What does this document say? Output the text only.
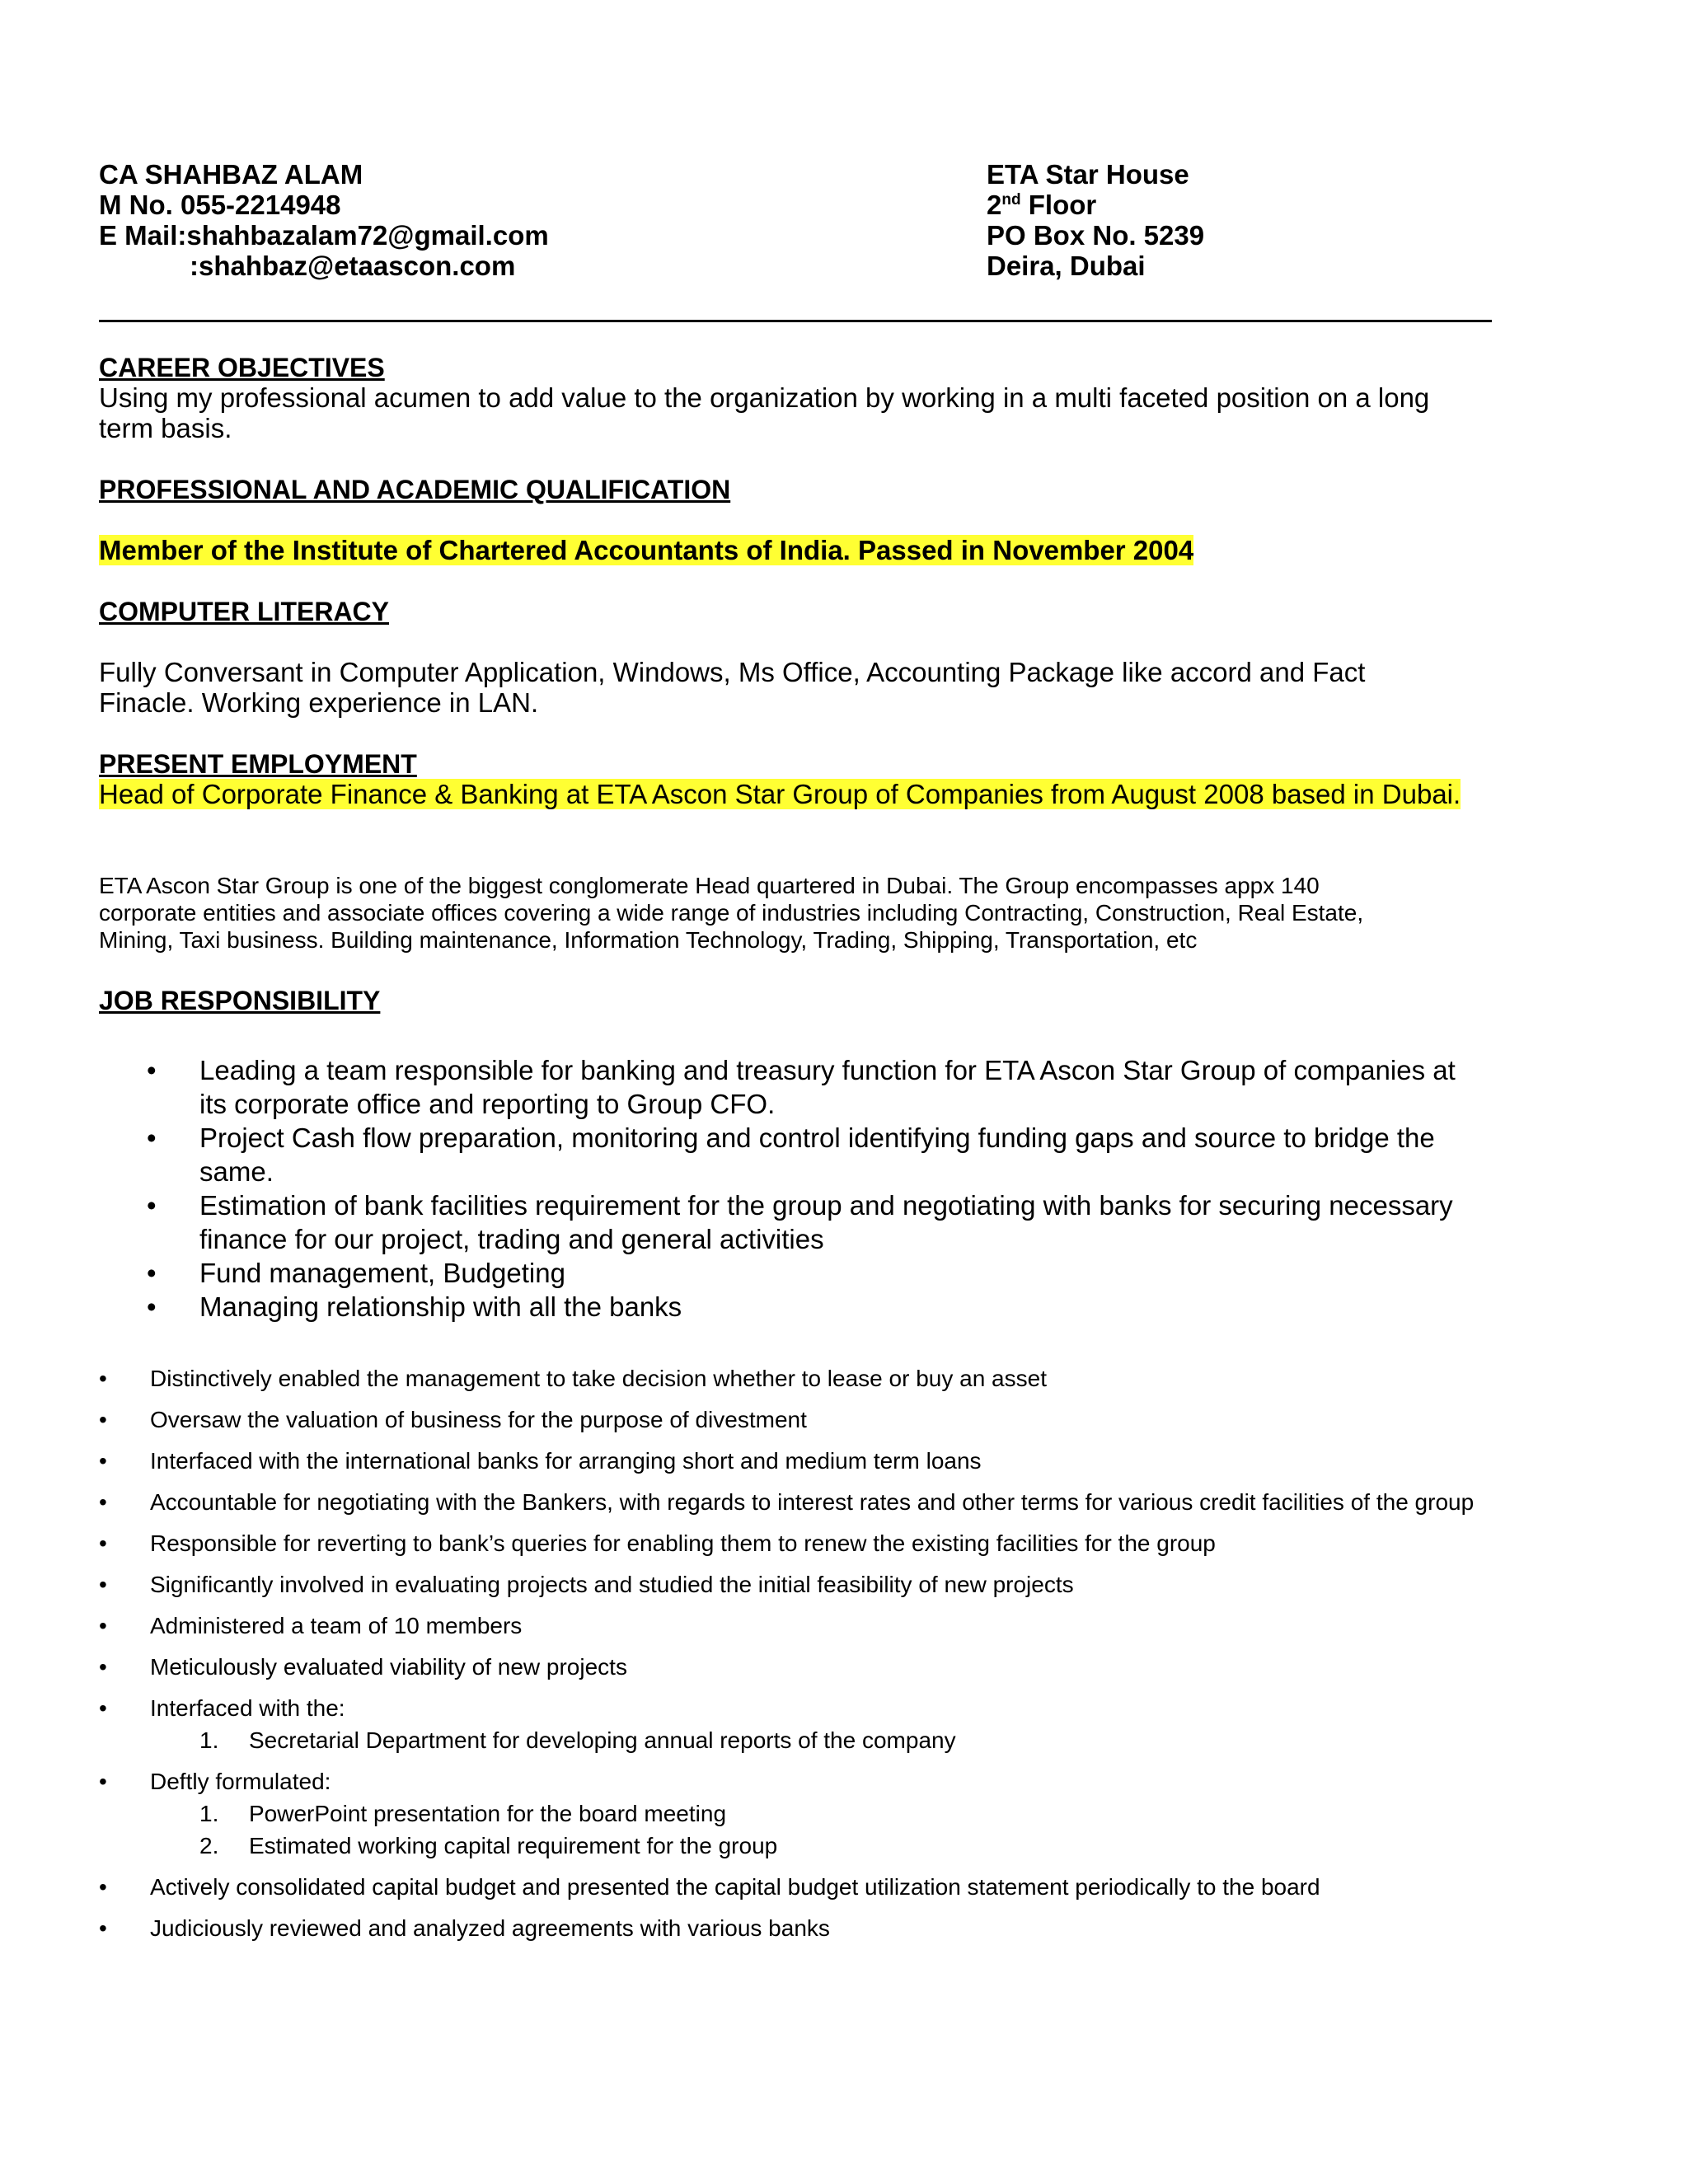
CA SHAHBAZ ALAM
M No. 055-2214948
E Mail:shahbazalam72@gmail.com
:shahbaz@etaascon.com
ETA Star House
2nd Floor
PO Box No. 5239
Deira, Dubai
CAREER OBJECTIVES
Using my professional acumen to add value to the organization by working in a multi faceted position on a long
term basis.
PROFESSIONAL AND ACADEMIC QUALIFICATION
Member of the Institute of Chartered Accountants of India. Passed in November 2004
COMPUTER LITERACY
Fully Conversant in Computer Application, Windows, Ms Office, Accounting Package like accord and Fact
Finacle. Working experience in LAN.
PRESENT EMPLOYMENT
Head of Corporate Finance & Banking at ETA Ascon Star Group of Companies from August 2008 based in Dubai.
ETA Ascon Star Group is one of the biggest conglomerate Head quartered in Dubai. The Group encompasses appx 140
corporate entities and associate offices covering a wide range of industries including Contracting, Construction, Real Estate,
Mining, Taxi business. Building maintenance, Information Technology, Trading, Shipping, Transportation, etc
JOB RESPONSIBILITY
• Leading a team responsible for banking and treasury function for ETA Ascon Star Group of companies at
its corporate office and reporting to Group CFO.
• Project Cash flow preparation, monitoring and control identifying funding gaps and source to bridge the
same.
• Estimation of bank facilities requirement for the group and negotiating with banks for securing necessary
finance for our project, trading and general activities
• Fund management, Budgeting
• Managing relationship with all the banks
• Distinctively enabled the management to take decision whether to lease or buy an asset
• Oversaw the valuation of business for the purpose of divestment
• Interfaced with the international banks for arranging short and medium term loans
• Accountable for negotiating with the Bankers, with regards to interest rates and other terms for various credit facilities of the group
• Responsible for reverting to bank’s queries for enabling them to renew the existing facilities for the group
• Significantly involved in evaluating projects and studied the initial feasibility of new projects
• Administered a team of 10 members
• Meticulously evaluated viability of new projects
• Interfaced with the:
1. Secretarial Department for developing annual reports of the company
• Deftly formulated:
1. PowerPoint presentation for the board meeting
2. Estimated working capital requirement for the group
• Actively consolidated capital budget and presented the capital budget utilization statement periodically to the board
• Judiciously reviewed and analyzed agreements with various banks
